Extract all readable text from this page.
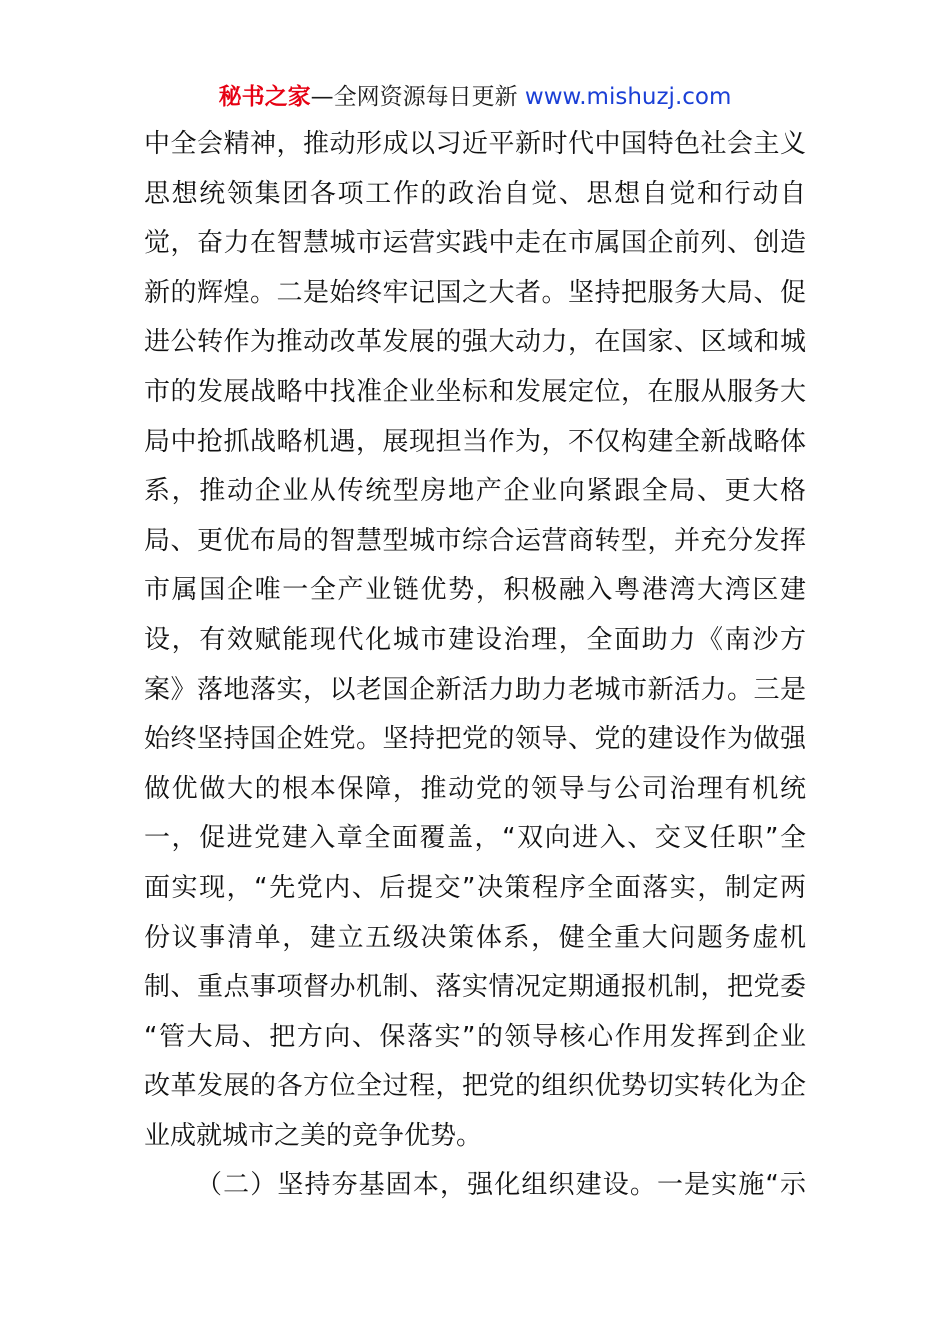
秘书之家—全网资源每日更新 www.mishuzj.com
中全会精神，推动形成以习近平新时代中国特色社会主义
思想统领集团各项工作的政治自觉、思想自觉和行动自
觉，奋力在智慧城市运营实践中走在市属国企前列、创造
新的辉煌。二是始终牢记国之大者。坚持把服务大局、促
进公转作为推动改革发展的强大动力，在国家、区域和城
市的发展战略中找准企业坐标和发展定位，在服从服务大
局中抢抓战略机遇，展现担当作为，不仅构建全新战略体
系，推动企业从传统型房地产企业向紧跟全局、更大格
局、更优布局的智慧型城市综合运营商转型，并充分发挥
市属国企唯一全产业链优势，积极融入粤港湾大湾区建
设，有效赋能现代化城市建设治理，全面助力《南沙方
案》落地落实，以老国企新活力助力老城市新活力。三是
始终坚持国企姓党。坚持把党的领导、党的建设作为做强
做优做大的根本保障，推动党的领导与公司治理有机统
一，促进党建入章全面覆盖，“双向进入、交叉任职”全
面实现，“先党内、后提交”决策程序全面落实，制定两
份议事清单，建立五级决策体系，健全重大问题务虚机
制、重点事项督办机制、落实情况定期通报机制，把党委
“管大局、把方向、保落实”的领导核心作用发挥到企业
改革发展的各方位全过程，把党的组织优势切实转化为企
业成就城市之美的竞争优势。
（二）坚持夯基固本，强化组织建设。一是实施“示
